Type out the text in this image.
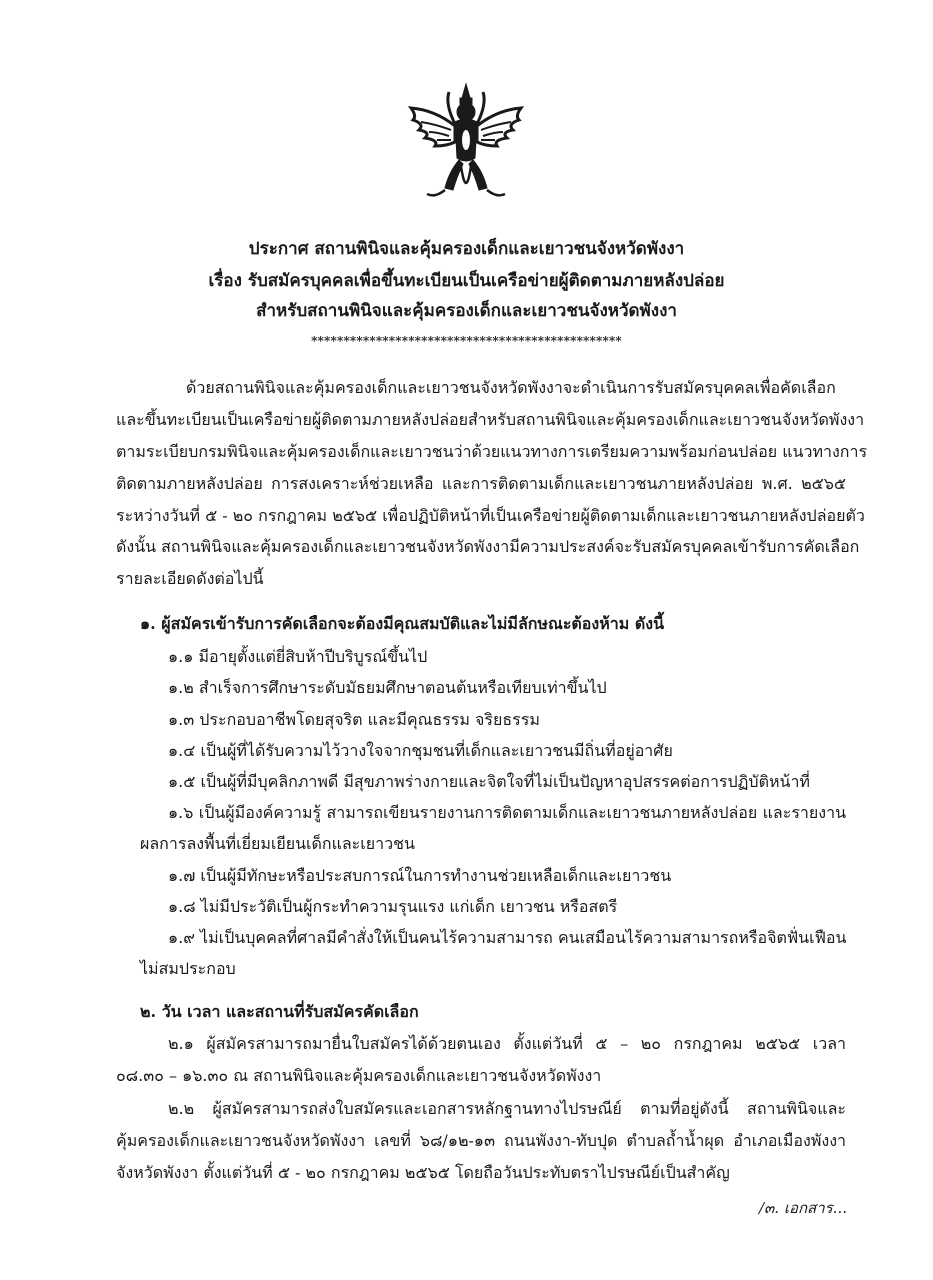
ประกาศ สถานพินิจและคุ้มครองเด็กและเยาวชนจังหวัดพังงา
เรื่อง รับสมัครบุคคลเพื่อขึ้นทะเบียนเป็นเครือข่ายผู้ติดตามภายหลังปล่อย
สำหรับสถานพินิจและคุ้มครองเด็กและเยาวชนจังหวัดพังงา
************************************************
ด้วยสถานพินิจและคุ้มครองเด็กและเยาวชนจังหวัดพังงาจะดำเนินการรับสมัครบุคคลเพื่อคัดเลือก
และขึ้นทะเบียนเป็นเครือข่ายผู้ติดตามภายหลังปล่อยสำหรับสถานพินิจและคุ้มครองเด็กและเยาวชนจังหวัดพังงา
ตามระเบียบกรมพินิจและคุ้มครองเด็กและเยาวชนว่าด้วยแนวทางการเตรียมความพร้อมก่อนปล่อย แนวทางการ
ติดตามภายหลังปล่อย การสงเคราะห์ช่วยเหลือ และการติดตามเด็กและเยาวชนภายหลังปล่อย พ.ศ. ๒๕๖๕
ระหว่างวันที่ ๕ - ๒๐ กรกฎาคม ๒๕๖๕ เพื่อปฏิบัติหน้าที่เป็นเครือข่ายผู้ติดตามเด็กและเยาวชนภายหลังปล่อยตัว
ดังนั้น สถานพินิจและคุ้มครองเด็กและเยาวชนจังหวัดพังงามีความประสงค์จะรับสมัครบุคคลเข้ารับการคัดเลือก
รายละเอียดดังต่อไปนี้
๑. ผู้สมัครเข้ารับการคัดเลือกจะต้องมีคุณสมบัติและไม่มีลักษณะต้องห้าม ดังนี้
๑.๑ มีอายุตั้งแต่ยี่สิบห้าปีบริบูรณ์ขึ้นไป
๑.๒ สำเร็จการศึกษาระดับมัธยมศึกษาตอนต้นหรือเทียบเท่าขึ้นไป
๑.๓ ประกอบอาชีพโดยสุจริต และมีคุณธรรม จริยธรรม
๑.๔ เป็นผู้ที่ได้รับความไว้วางใจจากชุมชนที่เด็กและเยาวชนมีถิ่นที่อยู่อาศัย
๑.๕ เป็นผู้ที่มีบุคลิกภาพดี มีสุขภาพร่างกายและจิตใจที่ไม่เป็นปัญหาอุปสรรคต่อการปฏิบัติหน้าที่
๑.๖ เป็นผู้มีองค์ความรู้ สามารถเขียนรายงานการติดตามเด็กและเยาวชนภายหลังปล่อย และรายงาน
ผลการลงพื้นที่เยี่ยมเยียนเด็กและเยาวชน
๑.๗ เป็นผู้มีทักษะหรือประสบการณ์ในการทำงานช่วยเหลือเด็กและเยาวชน
๑.๘ ไม่มีประวัติเป็นผู้กระทำความรุนแรง แก่เด็ก เยาวชน หรือสตรี
๑.๙ ไม่เป็นบุคคลที่ศาลมีคำสั่งให้เป็นคนไร้ความสามารถ คนเสมือนไร้ความสามารถหรือจิตฟั่นเฟือน
ไม่สมประกอบ
๒. วัน เวลา และสถานที่รับสมัครคัดเลือก
๒.๑ ผู้สมัครสามารถมายื่นใบสมัครได้ด้วยตนเอง ตั้งแต่วันที่ ๕ – ๒๐ กรกฎาคม ๒๕๖๕ เวลา
๐๘.๓๐ – ๑๖.๓๐ ณ สถานพินิจและคุ้มครองเด็กและเยาวชนจังหวัดพังงา
๒.๒ ผู้สมัครสามารถส่งใบสมัครและเอกสารหลักฐานทางไปรษณีย์ ตามที่อยู่ดังนี้ สถานพินิจและ
คุ้มครองเด็กและเยาวชนจังหวัดพังงา เลขที่ ๖๘/๑๒-๑๓ ถนนพังงา-ทับปุด ตำบลถ้ำน้ำผุด อำเภอเมืองพังงา
จังหวัดพังงา ตั้งแต่วันที่ ๕ - ๒๐ กรกฎาคม ๒๕๖๕ โดยถือวันประทับตราไปรษณีย์เป็นสำคัญ
/๓. เอกสาร...
